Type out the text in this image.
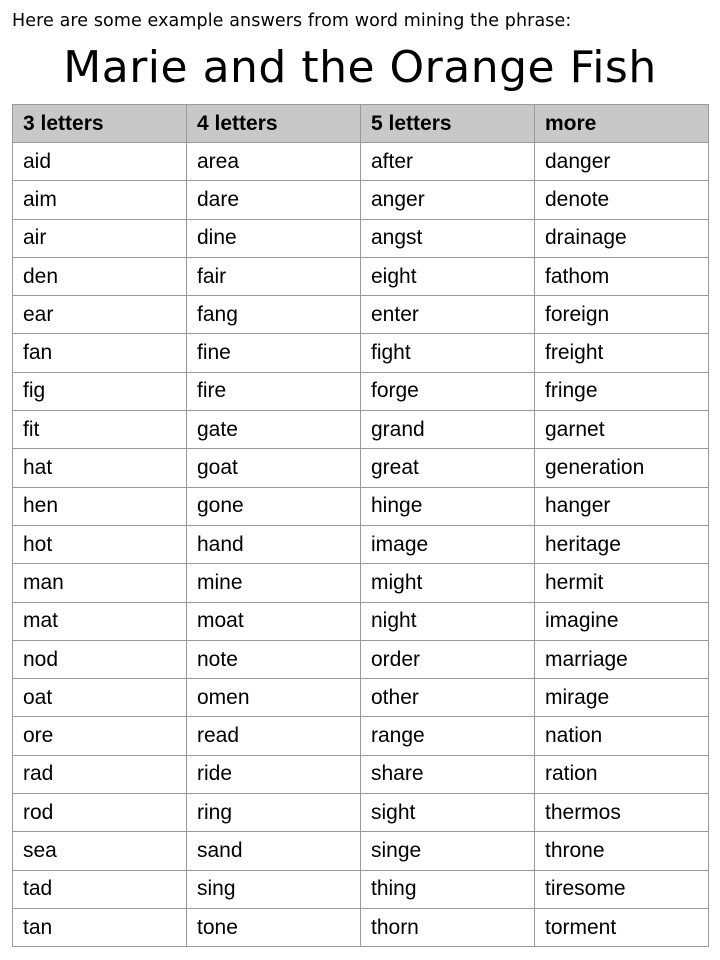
Here are some example answers from word mining the phrase:
Marie and the Orange Fish
3 letters	4 letters	5 letters	more
aid	area	after	danger
aim	dare	anger	denote
air	dine	angst	drainage
den	fair	eight	fathom
ear	fang	enter	foreign
fan	fine	fight	freight
fig	fire	forge	fringe
fit	gate	grand	garnet
hat	goat	great	generation
hen	gone	hinge	hanger
hot	hand	image	heritage
man	mine	might	hermit
mat	moat	night	imagine
nod	note	order	marriage
oat	omen	other	mirage
ore	read	range	nation
rad	ride	share	ration
rod	ring	sight	thermos
sea	sand	singe	throne
tad	sing	thing	tiresome
tan	tone	thorn	torment
